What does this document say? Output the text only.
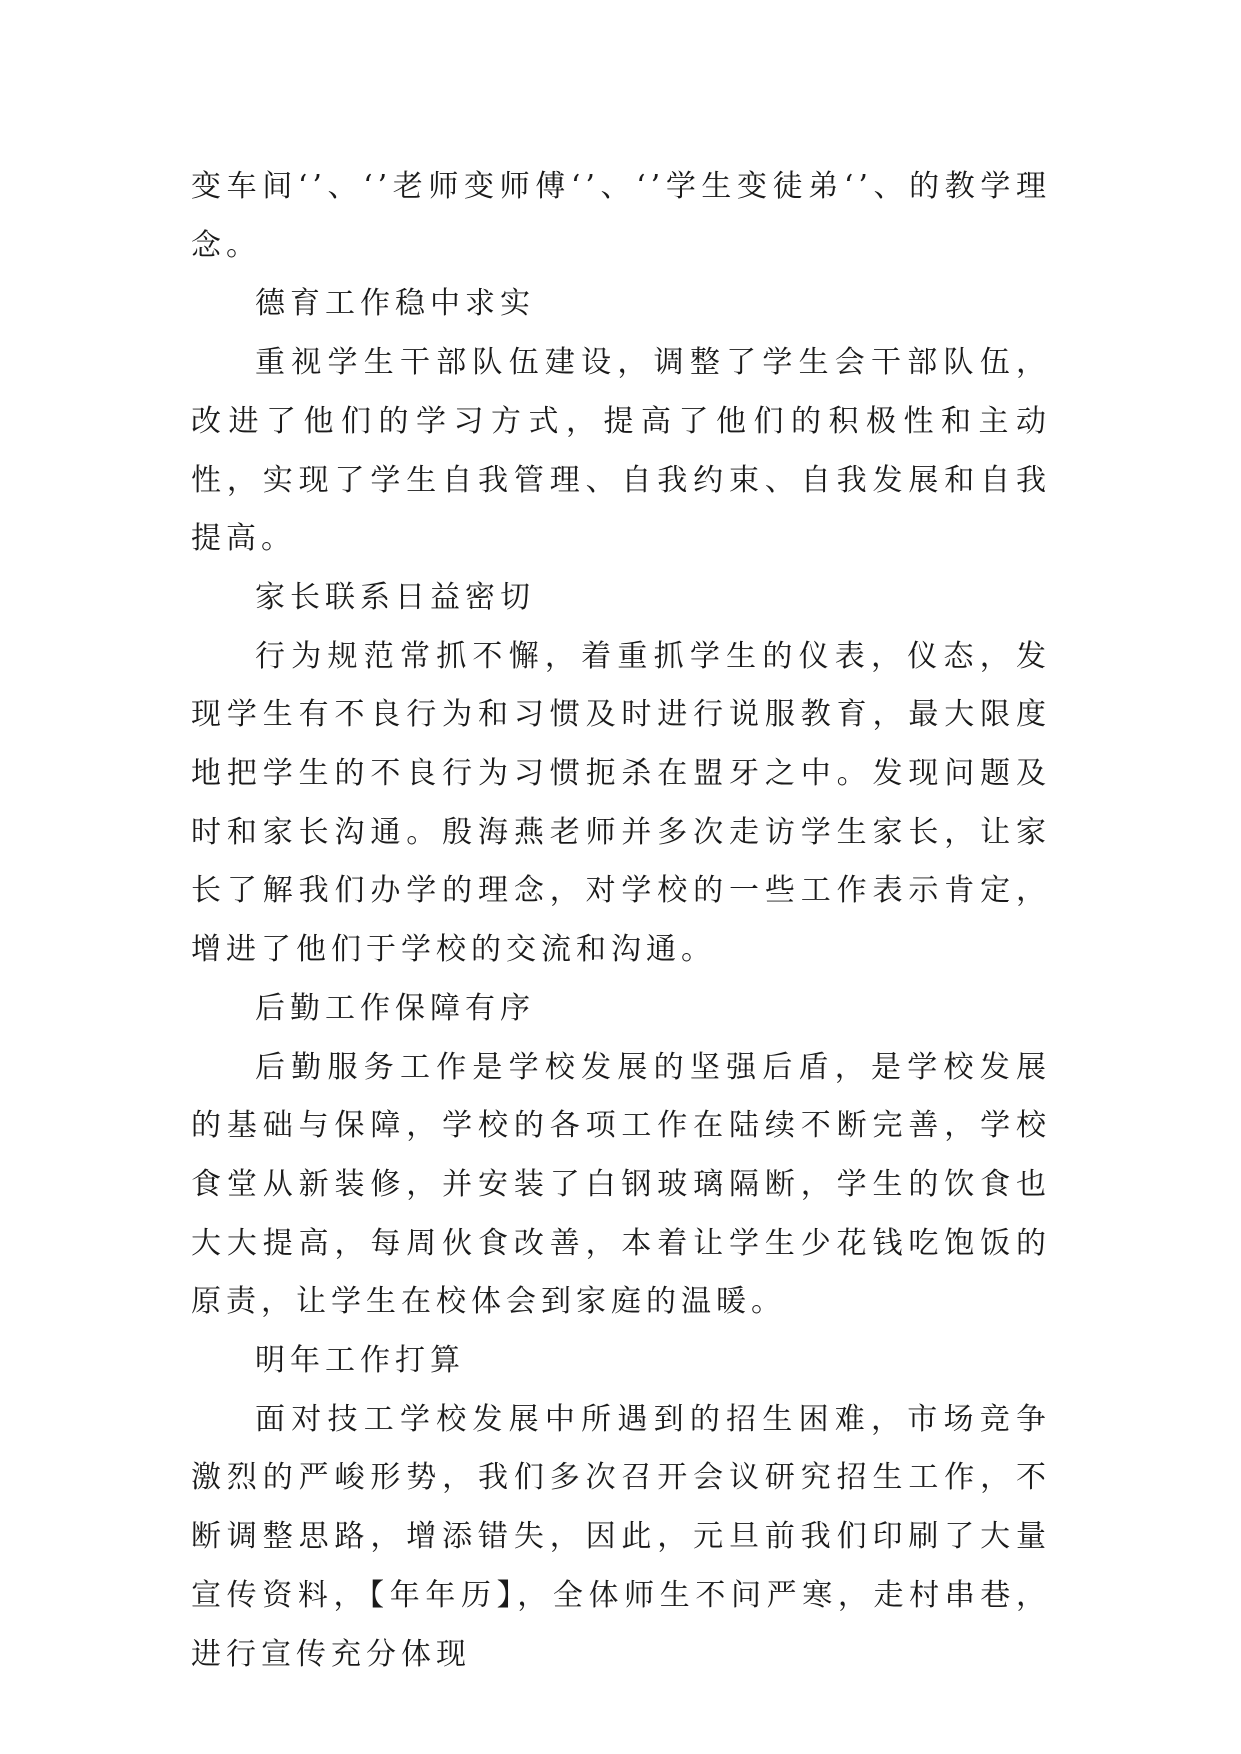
变车间‘’、‘’老师变师傅‘’、‘’学生变徒弟‘’、的教学理念。

德育工作稳中求实

重视学生干部队伍建设，调整了学生会干部队伍，改进了他们的学习方式，提高了他们的积极性和主动性，实现了学生自我管理、自我约束、自我发展和自我提高。

家长联系日益密切

行为规范常抓不懈，着重抓学生的仪表，仪态，发现学生有不良行为和习惯及时进行说服教育，最大限度地把学生的不良行为习惯扼杀在盟牙之中。发现问题及时和家长沟通。殷海燕老师并多次走访学生家长，让家长了解我们办学的理念，对学校的一些工作表示肯定，增进了他们于学校的交流和沟通。

后勤工作保障有序

后勤服务工作是学校发展的坚强后盾，是学校发展的基础与保障，学校的各项工作在陆续不断完善，学校食堂从新装修，并安装了白钢玻璃隔断，学生的饮食也大大提高，每周伙食改善，本着让学生少花钱吃饱饭的原责，让学生在校体会到家庭的温暖。

明年工作打算

面对技工学校发展中所遇到的招生困难，市场竞争激烈的严峻形势，我们多次召开会议研究招生工作，不断调整思路，增添错失，因此，元旦前我们印刷了大量宣传资料，【年年历】，全体师生不问严寒，走村串巷，进行宣传充分体现
